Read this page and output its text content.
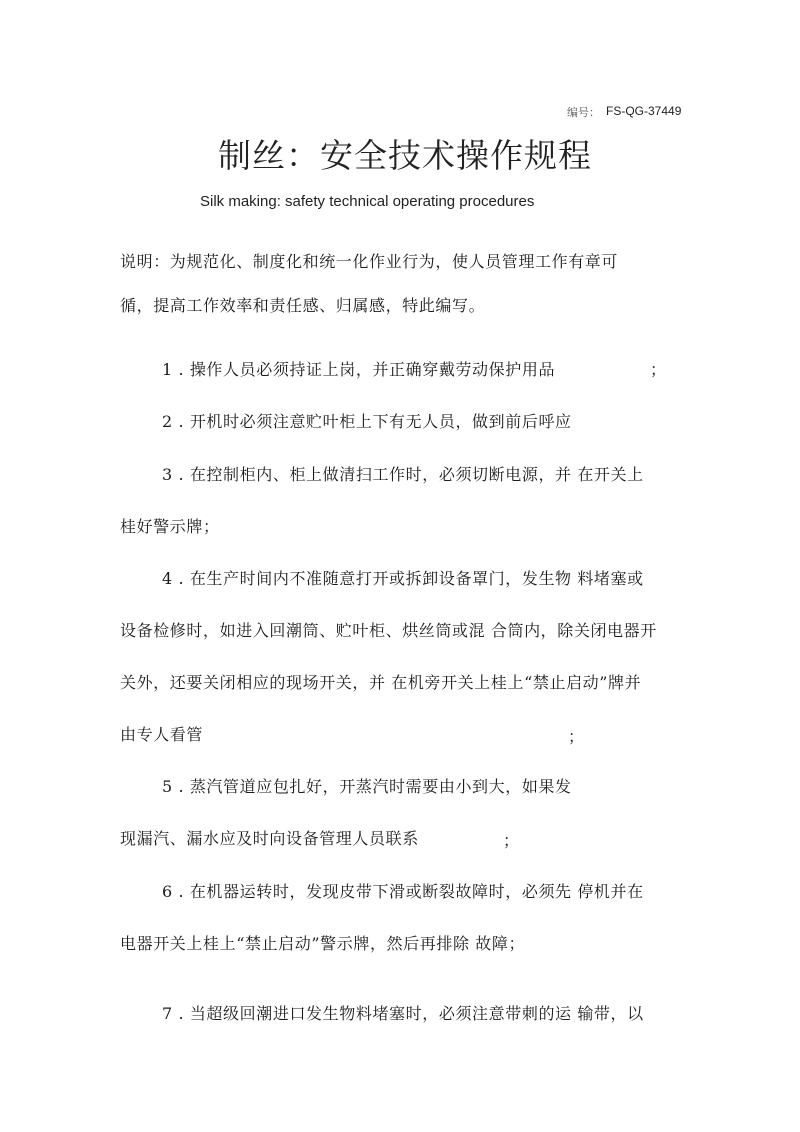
编号： FS-QG-37449
制丝：安全技术操作规程
Silk making: safety technical operating procedures
说明：为规范化、制度化和统一化作业行为，使人员管理工作有章可
循，提高工作效率和责任感、归属感，特此编写。
1 . 操作人员必须持证上岗，并正确穿戴劳动保护用品	；
2 . 开机时必须注意贮叶柜上下有无人员，做到前后呼应
3 . 在控制柜内、柜上做清扫工作时，必须切断电源，并 在开关上
桂好警示牌；
4 . 在生产时间内不准随意打开或拆卸设备罩门，发生物 料堵塞或
设备检修时，如进入回潮筒、贮叶柜、烘丝筒或混 合筒内，除关闭电器开
关外，还要关闭相应的现场开关，并 在机旁开关上桂上“禁止启动”牌并
由专人看管	；
5 . 蒸汽管道应包扎好，开蒸汽时需要由小到大，如果发
现漏汽、漏水应及时向设备管理人员联系	；
6 . 在机器运转时，发现皮带下滑或断裂故障时，必须先 停机并在
电器开关上桂上“禁止启动”警示牌，然后再排除 故障；
7 . 当超级回潮进口发生物料堵塞时，必须注意带刺的运 输带，以
